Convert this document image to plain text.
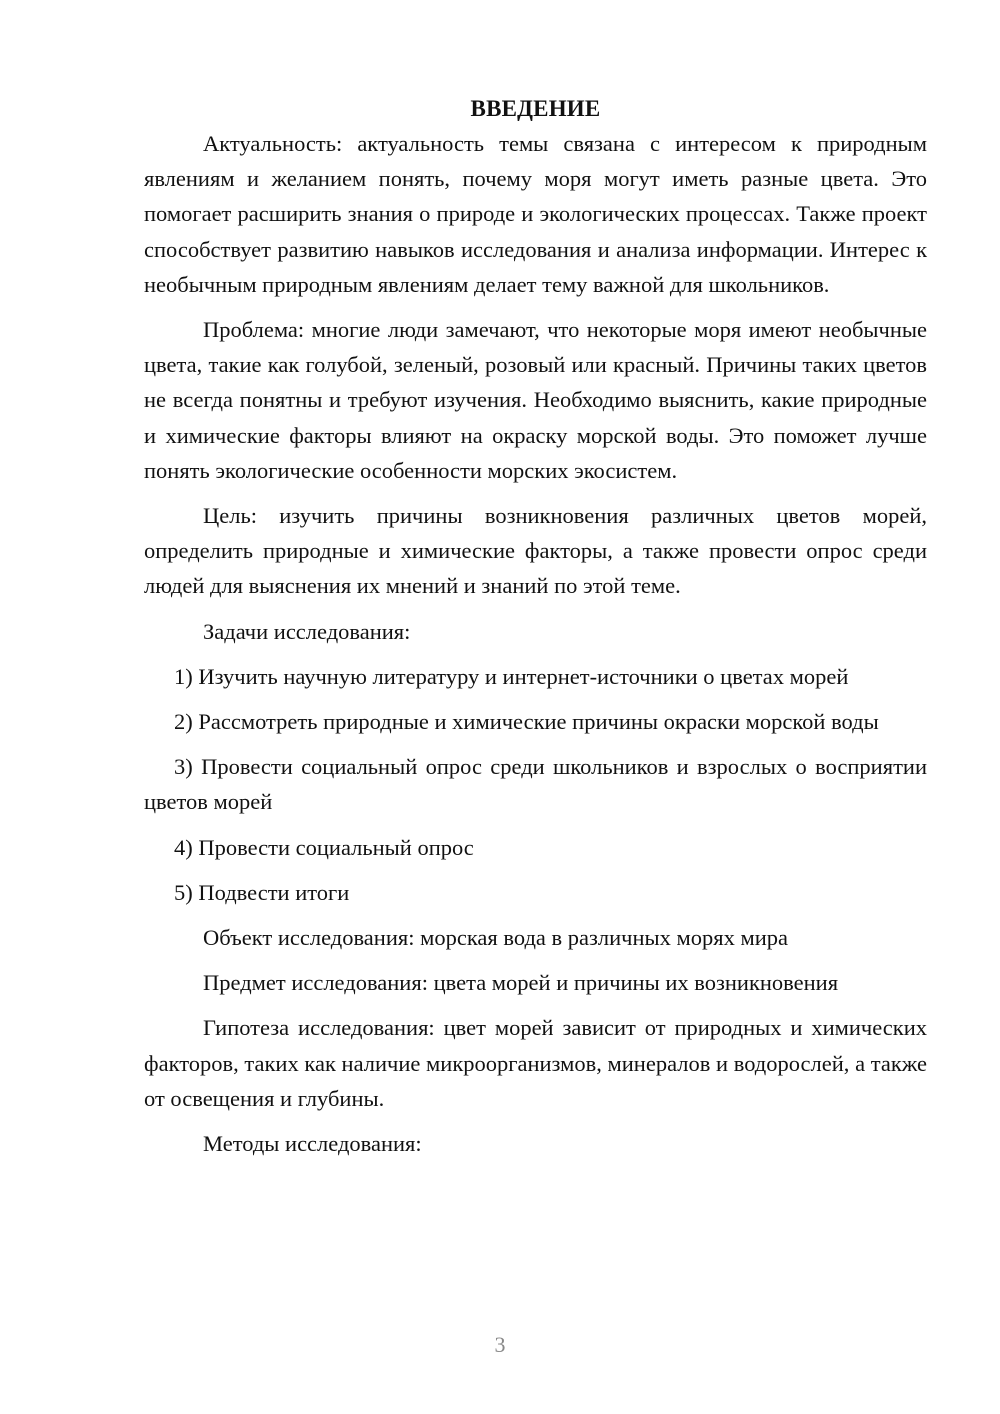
ВВЕДЕНИЕ

Актуальность: актуальность темы связана с интересом к природным явлениям и желанием понять, почему моря могут иметь разные цвета. Это помогает расширить знания о природе и экологических процессах. Также проект способствует развитию навыков исследования и анализа информации. Интерес к необычным природным явлениям делает тему важной для школьников.

Проблема: многие люди замечают, что некоторые моря имеют необычные цвета, такие как голубой, зеленый, розовый или красный. Причины таких цветов не всегда понятны и требуют изучения. Необходимо выяснить, какие природные и химические факторы влияют на окраску морской воды. Это поможет лучше понять экологические особенности морских экосистем.

Цель: изучить причины возникновения различных цветов морей, определить природные и химические факторы, а также провести опрос среди людей для выяснения их мнений и знаний по этой теме.

Задачи исследования:

1) Изучить научную литературу и интернет-источники о цветах морей

2) Рассмотреть природные и химические причины окраски морской воды

3) Провести социальный опрос среди школьников и взрослых о восприятии цветов морей

4) Провести социальный опрос

5) Подвести итоги

Объект исследования: морская вода в различных морях мира

Предмет исследования: цвета морей и причины их возникновения

Гипотеза исследования: цвет морей зависит от природных и химических факторов, таких как наличие микроорганизмов, минералов и водорослей, а также от освещения и глубины.

Методы исследования:

3
